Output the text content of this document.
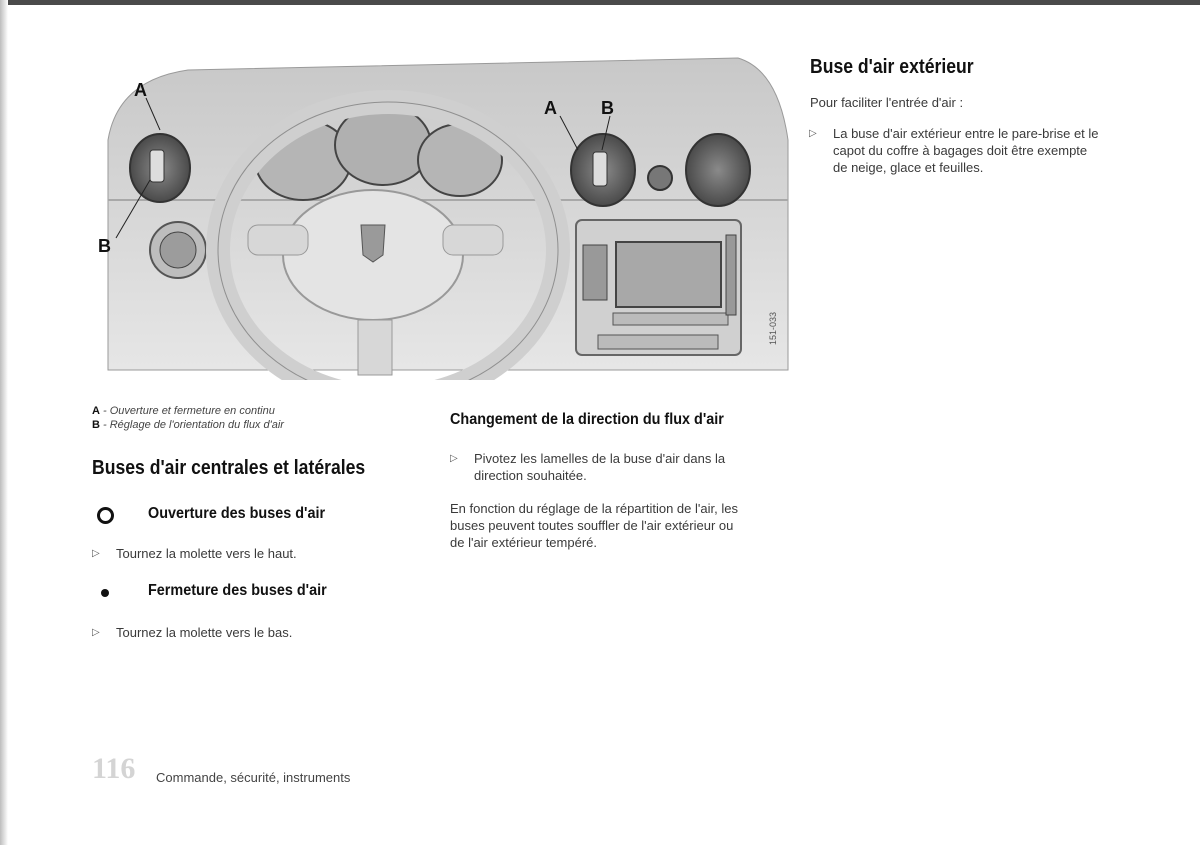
A
B
A B
151-033
A - Ouverture et fermeture en continu
B - Réglage de l'orientation du flux d'air
Buses d'air centrales et latérales
Ouverture des buses d'air
▷ Tournez la molette vers le haut.
Fermeture des buses d'air
▷ Tournez la molette vers le bas.
Changement de la direction du flux d'air
▷ Pivotez les lamelles de la buse d'air dans la
direction souhaitée.
En fonction du réglage de la répartition de l'air, les
buses peuvent toutes souffler de l'air extérieur ou
de l'air extérieur tempéré.
Buse d'air extérieur
Pour faciliter l'entrée d'air :
▷ La buse d'air extérieur entre le pare-brise et le
capot du coffre à bagages doit être exempte
de neige, glace et feuilles.
116 Commande, sécurité, instruments
